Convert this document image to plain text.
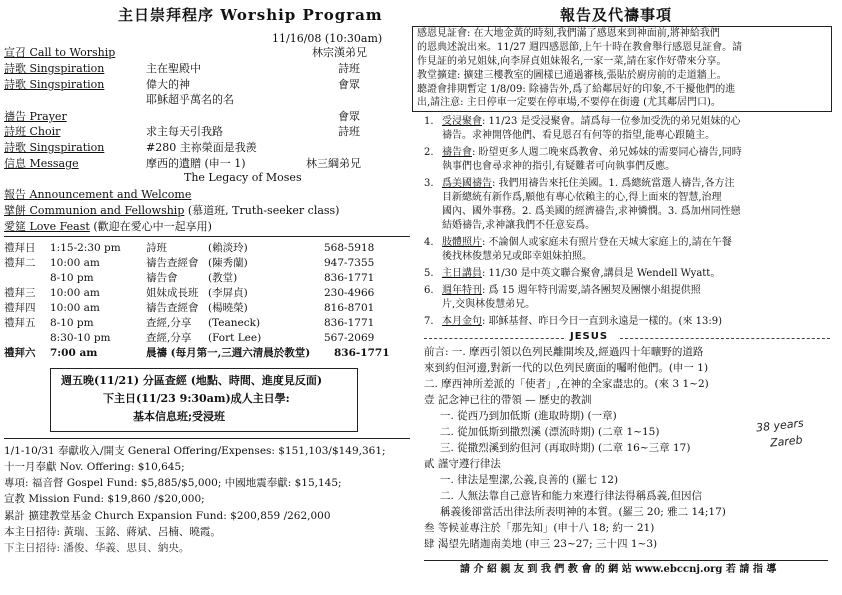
主日崇拜程序 Worship Program
11/16/08 (10:30am)
宣召 Call to Worship	林宗漢弟兄
詩歌 Singspiration	主在聖殿中	詩班
詩歌 Singspiration	偉大的神	會眾
耶穌超乎萬名的名
禱告 Prayer	會眾
詩班 Choir	求主每天引我路	詩班
詩歌 Singspiration	#280 主祢榮面是我羨
信息 Message	摩西的遺贈 (申一 1)	林三綱弟兄
The Legacy of Moses
報告 Announcement and Welcome
擘餅 Communion and Fellowship (慕道班, Truth-seeker class)
愛筵 Love Feast (歡迎在愛心中一起享用)
禮拜日 1:15-2:30 pm 詩班	(賴淡玲)	568-5918
禮拜二 10:00 am	禱告查經會 (陳秀蘭)	947-7355
8-10 pm	禱告會	(教堂)	836-1771
禮拜三 10:00 am	姐妹成長班 (李屏貞)	230-4966
禮拜四 10:00 am	禱告查經會 (楊曉榮)	816-8701
禮拜五 8-10 pm	查經,分享 (Teaneck)	836-1771
8:30-10 pm	查經,分享 (Fort Lee)	567-2069
禮拜六 7:00 am	晨禱 (每月第一,三週六清晨於教堂) 836-1771
週五晚(11/21) 分區查經 (地點、時間、進度見反面)
下主日(11/23 9:30am)成人主日學:
基本信息班;受浸班
1/1-10/31 奉獻收入/開支 General Offering/Expenses: $151,103/$149,361;
十一月奉獻 Nov. Offering: $10,645;
專項: 福音督 Gospel Fund: $5,885/$5,000; 中國地震奉獻: $15,145;
宣教 Mission Fund: $19,860 /$20,000;
累計 擴建教堂基金 Church Expansion Fund: $200,859 /262,000
本主日招待: 黃瑞、玉銘、蔣斌、呂楠、曉霞。
下主日招待: 潘俊、华義、思貝、納央。
報告及代禱事項
感恩見証會: 在大地金黃的時刻,我們滿了感恩來到神面前,將神給我們
的恩典述說出來。11/27 週四感恩節,上午十時在教會舉行感恩見証會。請
作見証的弟兄姐妹,向李屏貞姐妹報名,一家一菜,請在家作好帶來分享。
教堂擴建: 擴建三樓教室的圖樣已通過審核,張貼於廚房前的走道牆上。
聽證會排期暫定 1/8/09: 除禱告外,爲了給鄰居好的印象,不干擾他們的進
出,請注意: 主日停車一定要在停車場,不要停在街邊 (尤其鄰居門口)。
1. 受浸聚會: 11/23 是受浸聚會。請爲每一位參加受洗的弟兄姐妹的心
禱告。求神開啓他們、看見恩召有何等的指望,能專心跟隨主。
2. 禱告會: 盼望更多人週二晚來爲教會、弟兄姊妹的需要同心禱告,同時
執事們也會尋求神的指引,有疑難者可向執事們反應。
3. 爲美國禱告: 我們用禱告來托住美國。1. 爲總統當選人禱告,各方注
目新總統有新作爲,願他有專心依賴主的心,得上面來的智慧,治理
國內、國外事務。2. 爲美國的經濟禱告,求神憐憫。3. 爲加州同性戀
結婚禱告,求神讓我們不任意妄爲。
4. 肢體照片: 不論個人或家庭未有照片登在天城大家庭上的,請在午餐
後找林俊慧弟兄或郞幸姐妹拍照。
5. 主日講員: 11/30 是中英文聯合聚會,講員是 Wendell Wyatt。
6. 週年特刊: 爲 15 週年特刊需要,請各團契及團懷小組提供照
片,交與林俊慧弟兄。
7. 本月金句: 耶穌基督、昨日今日一直到永遠是一樣的。(來 13:9)
JESUS
前言: 一. 摩西引領以色列民離開埃及,經過四十年曠野的道路
來到約但河邊,對新一代的以色列民廣面的囑咐他們。(申一 1)
二. 摩西神所差派的「使者」,在神的全家盡忠的。(來 3 1~2)
壹 記念神已往的帶領 — 歷史的教訓
一. 從西乃到加低斯 (進取時期) (一章)
二. 從加低斯到撒烈溪 (漂流時期) (二章 1~15)
三. 從撒烈溪到約但河 (再取時期) (二章 16~三章 17)
貳 謹守遵行律法
一. 律法是聖潔,公義,良善的 (羅七 12)
二. 人無法靠自己意皆和能力來遵行律法得稱爲義,但因信
稱義後卻當活出律法所表明神的本質。(羅三 20; 雅二 14;17)
叁 等候並專注於「那先知」(申十八 18; 約一 21)
肆 渴望先睹迦南美地 (申三 23~27; 三十四 1~3)
38 years
Zareb
請 介 紹 親 友 到 我 們 教 會 的 網 站 www.ebccnj.org 若 請 指 導
